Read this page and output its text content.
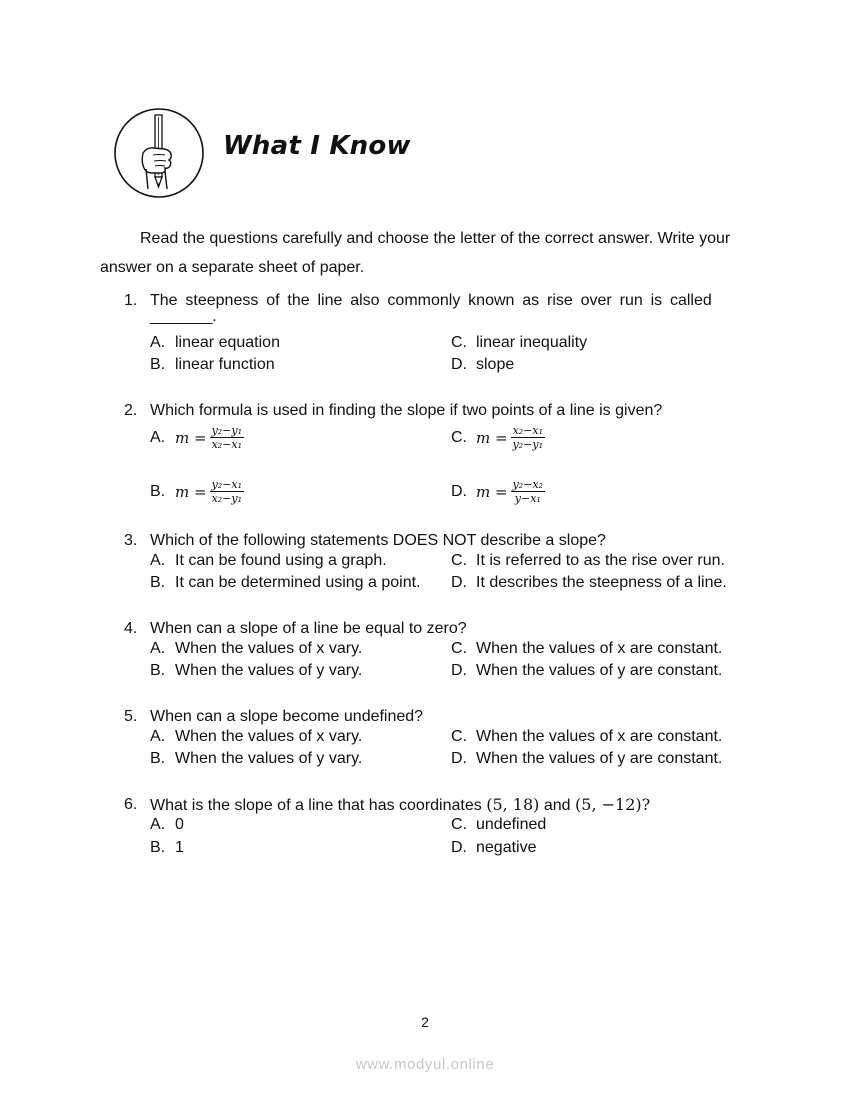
What I Know
Read the questions carefully and choose the letter of the correct answer. Write your answer on a separate sheet of paper.
1. The steepness of the line also commonly known as rise over run is called
_______.
A. linear equation
B. linear function
C. linear inequality
D. slope
2. Which formula is used in finding the slope if two points of a line is given?
A. $m = \frac{\text{y₂−y₁}}{\text{x₂−x₁}}$
B. $m = \frac{\text{y₂−x₁}}{\text{x₂−y₁}}$
C. $m = \frac{\text{x₂−x₁}}{\text{y₂−y₁}}$
D. $m = \frac{\text{y₂−x₂}}{\text{y−x₁}}$
3. Which of the following statements DOES NOT describe a slope?
A. It can be found using a graph.
B. It can be determined using a point.
C. It is referred to as the rise over run.
D. It describes the steepness of a line.
4. When can a slope of a line be equal to zero?
A. When the values of x vary.
B. When the values of y vary.
C. When the values of x are constant.
D. When the values of y are constant.
5. When can a slope become undefined?
A. When the values of x vary.
B. When the values of y vary.
C. When the values of x are constant.
D. When the values of y are constant.
6. What is the slope of a line that has coordinates (5, 18) and (5, −12)?
A. 0
B. 1
C. undefined
D. negative
2
www.modyul.online
